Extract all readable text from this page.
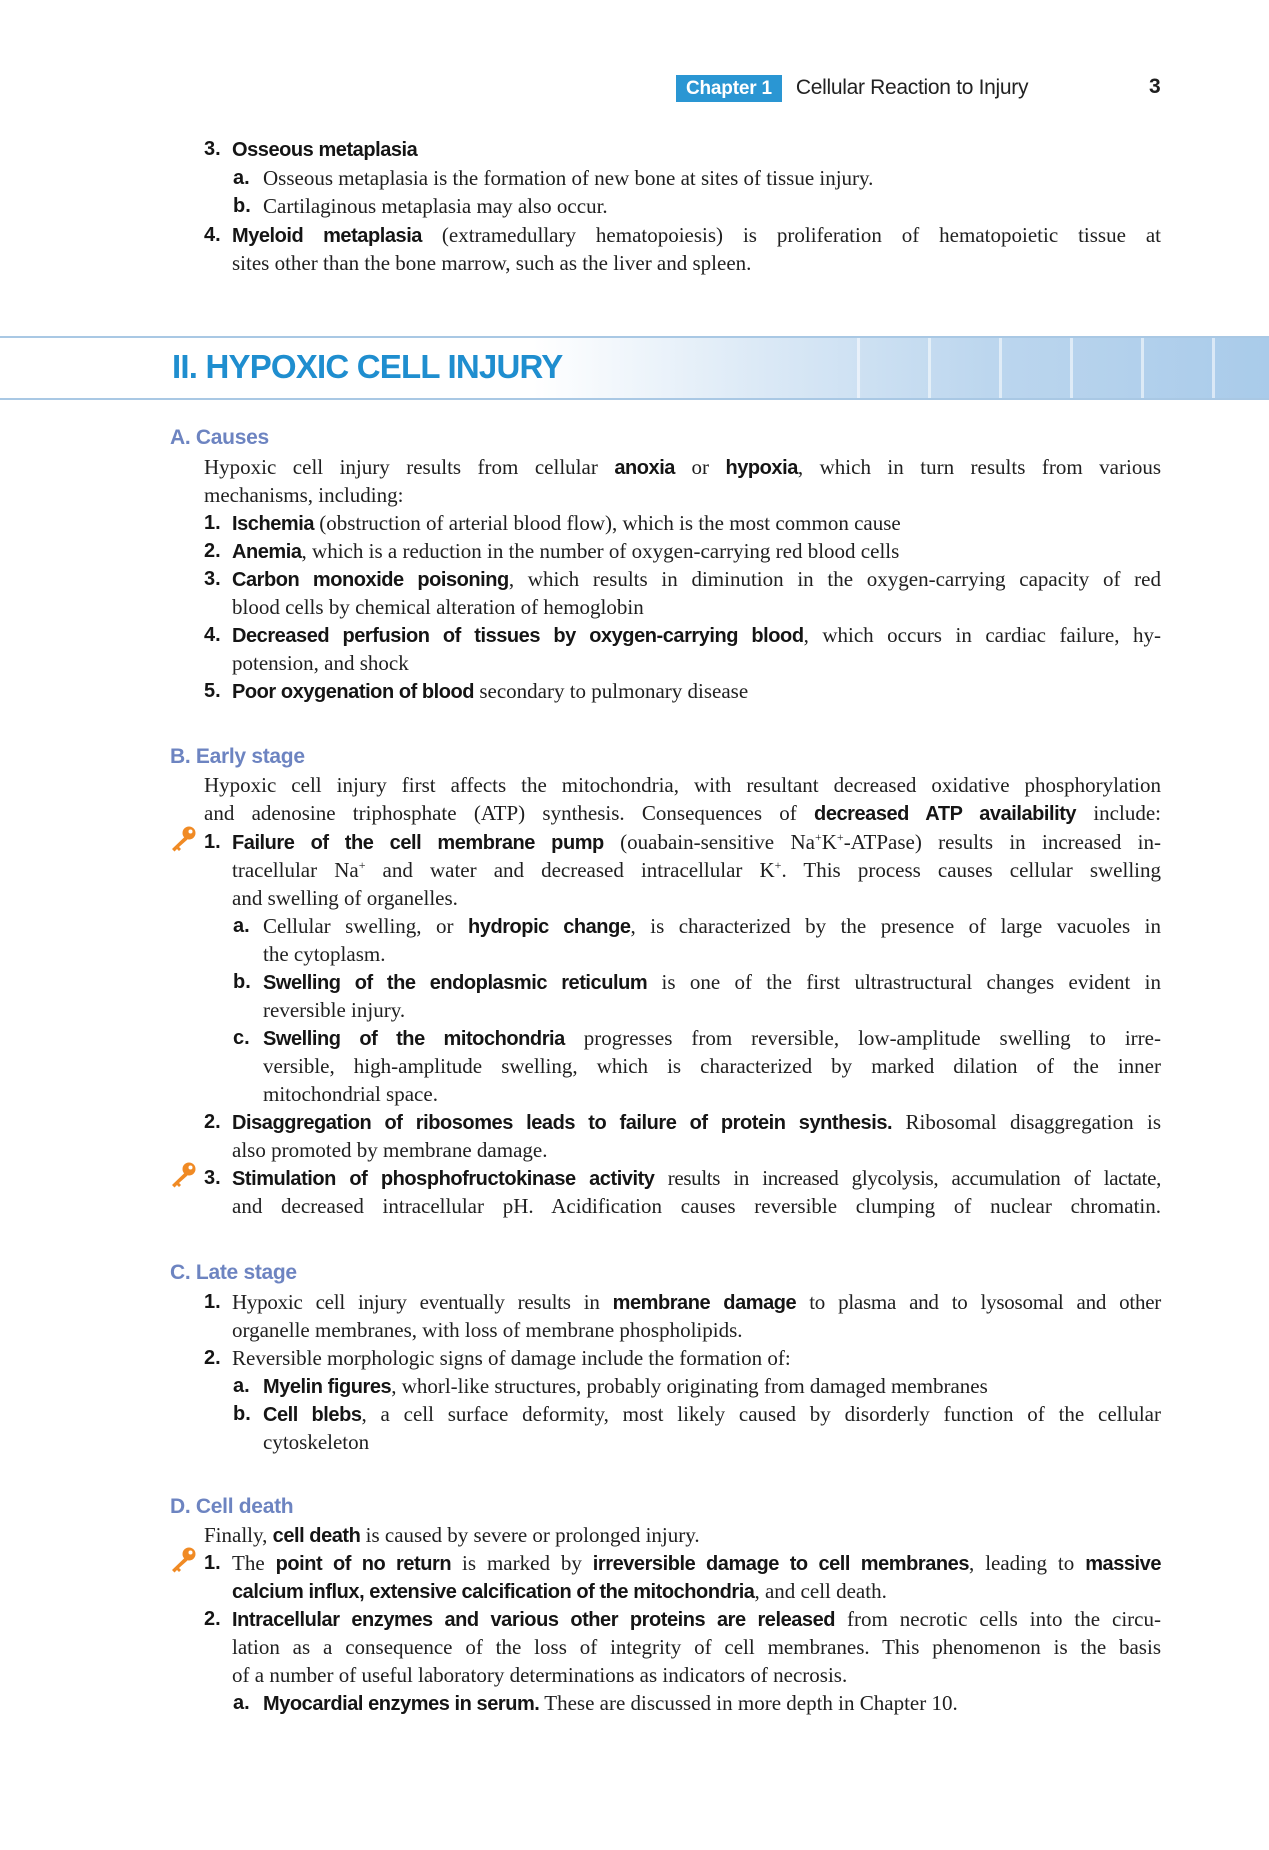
Chapter 1	Cellular Reaction to Injury	3
3. Osseous metaplasia
a. Osseous metaplasia is the formation of new bone at sites of tissue injury.
b. Cartilaginous metaplasia may also occur.
4. Myeloid metaplasia (extramedullary hematopoiesis) is proliferation of hematopoietic tissue at
sites other than the bone marrow, such as the liver and spleen.
II. HYPOXIC CELL INJURY
A. Causes
Hypoxic cell injury results from cellular anoxia or hypoxia, which in turn results from various
mechanisms, including:
1. Ischemia (obstruction of arterial blood flow), which is the most common cause
2. Anemia, which is a reduction in the number of oxygen-carrying red blood cells
3. Carbon monoxide poisoning, which results in diminution in the oxygen-carrying capacity of red
blood cells by chemical alteration of hemoglobin
4. Decreased perfusion of tissues by oxygen-carrying blood, which occurs in cardiac failure, hy-
potension, and shock
5. Poor oxygenation of blood secondary to pulmonary disease
B. Early stage
Hypoxic cell injury first affects the mitochondria, with resultant decreased oxidative phosphorylation
and adenosine triphosphate (ATP) synthesis. Consequences of decreased ATP availability include:
1. Failure of the cell membrane pump (ouabain-sensitive Na+K+-ATPase) results in increased in-
tracellular Na+ and water and decreased intracellular K+. This process causes cellular swelling
and swelling of organelles.
a. Cellular swelling, or hydropic change, is characterized by the presence of large vacuoles in
the cytoplasm.
b. Swelling of the endoplasmic reticulum is one of the first ultrastructural changes evident in
reversible injury.
c. Swelling of the mitochondria progresses from reversible, low-amplitude swelling to irre-
versible, high-amplitude swelling, which is characterized by marked dilation of the inner
mitochondrial space.
2. Disaggregation of ribosomes leads to failure of protein synthesis. Ribosomal disaggregation is
also promoted by membrane damage.
3. Stimulation of phosphofructokinase activity results in increased glycolysis, accumulation of lactate,
and decreased intracellular pH. Acidification causes reversible clumping of nuclear chromatin.
C. Late stage
1. Hypoxic cell injury eventually results in membrane damage to plasma and to lysosomal and other
organelle membranes, with loss of membrane phospholipids.
2. Reversible morphologic signs of damage include the formation of:
a. Myelin figures, whorl-like structures, probably originating from damaged membranes
b. Cell blebs, a cell surface deformity, most likely caused by disorderly function of the cellular
cytoskeleton
D. Cell death
Finally, cell death is caused by severe or prolonged injury.
1. The point of no return is marked by irreversible damage to cell membranes, leading to massive
calcium influx, extensive calcification of the mitochondria, and cell death.
2. Intracellular enzymes and various other proteins are released from necrotic cells into the circu-
lation as a consequence of the loss of integrity of cell membranes. This phenomenon is the basis
of a number of useful laboratory determinations as indicators of necrosis.
a. Myocardial enzymes in serum. These are discussed in more depth in Chapter 10.
